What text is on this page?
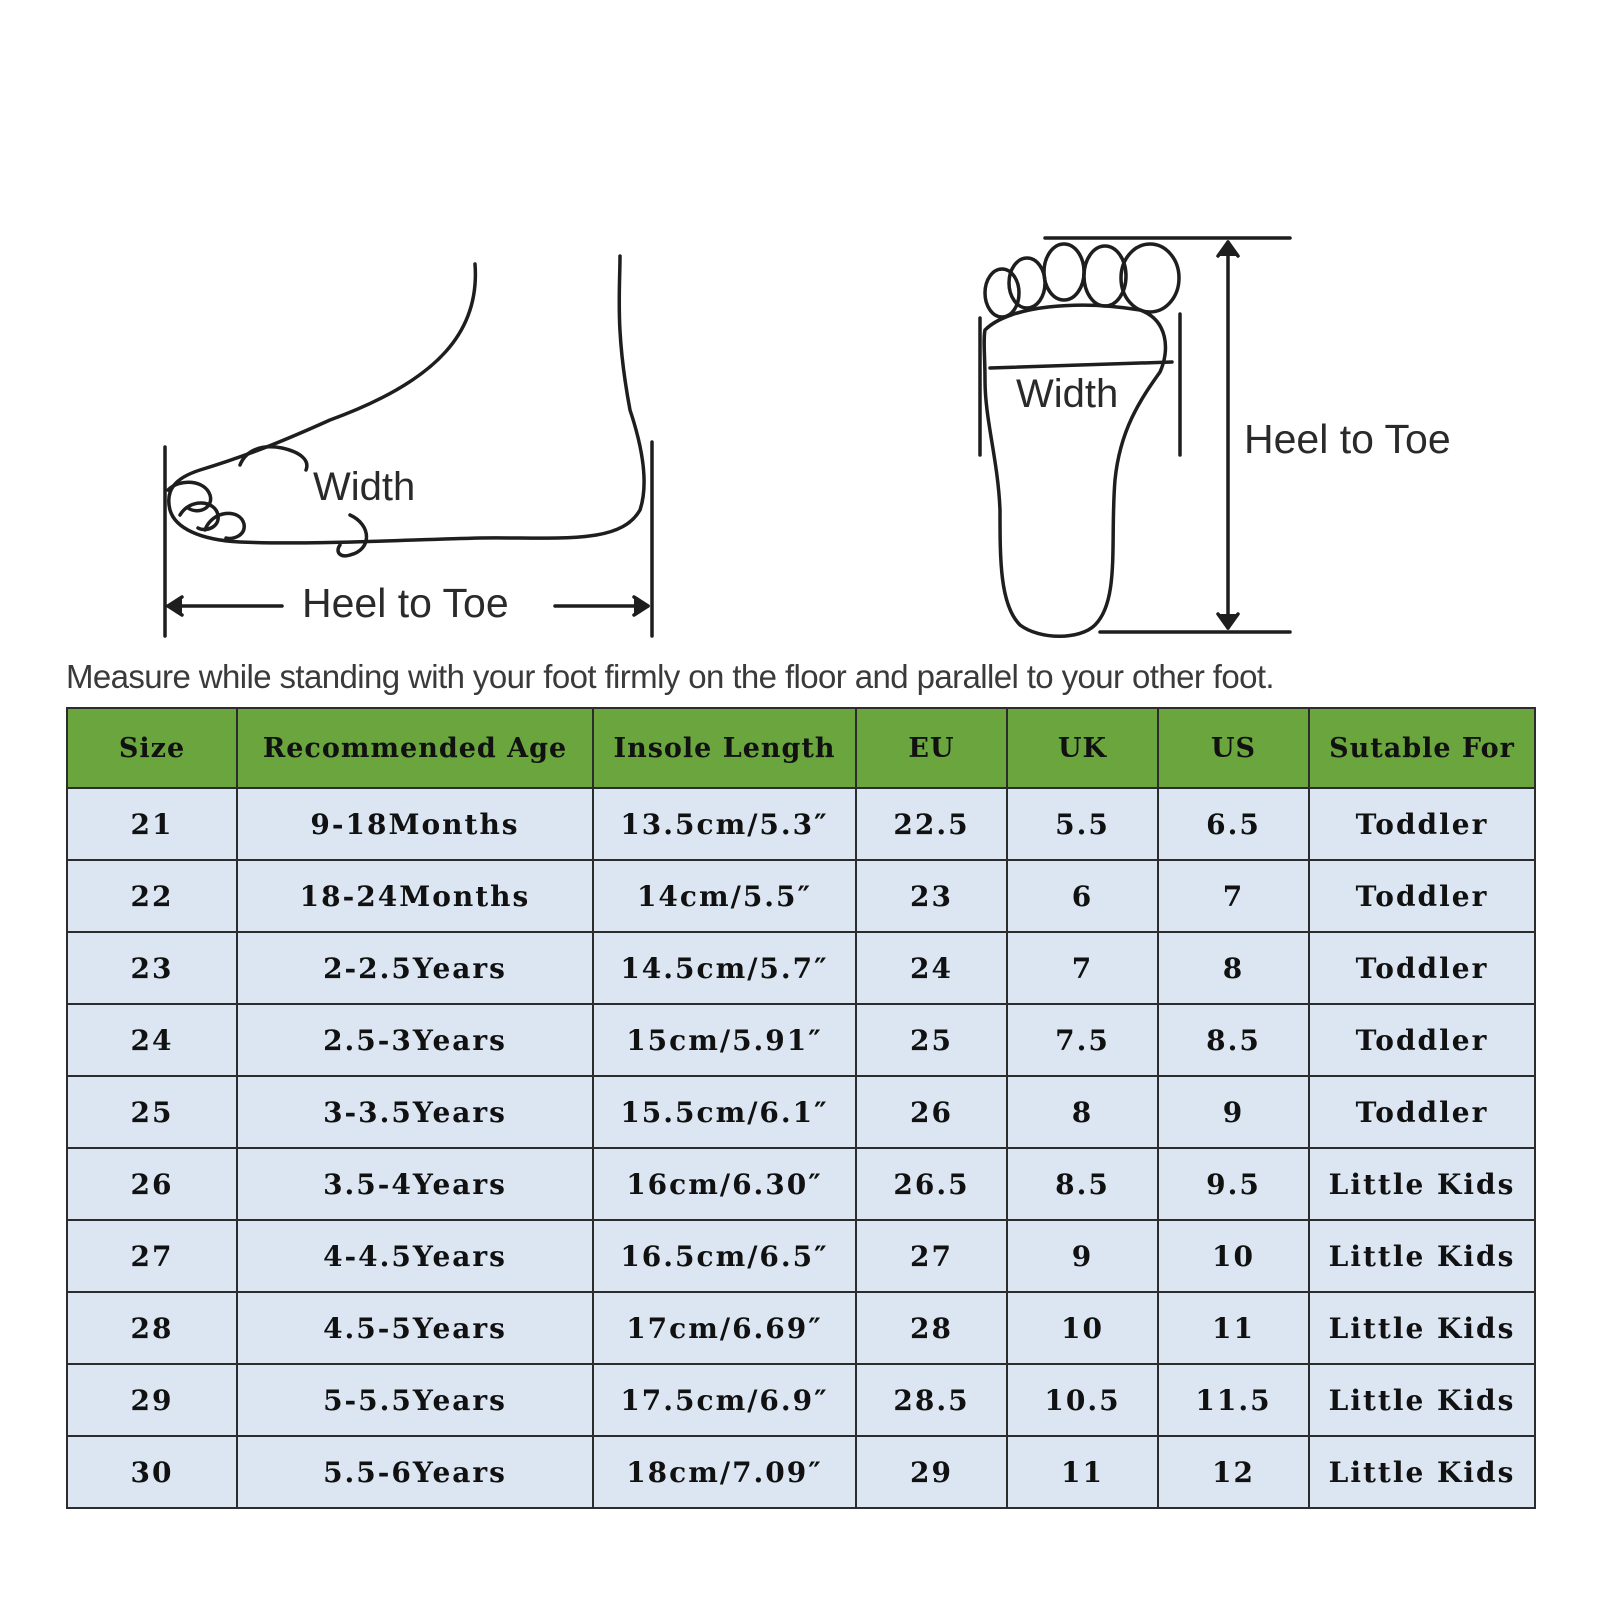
Width
Heel to Toe
Width
Heel to Toe
Measure while standing with your foot firmly on the floor and parallel to your other foot.
Size	Recommended Age	Insole Length	EU	UK	US	Sutable For
21	9-18Months	13.5cm/5.3″	22.5	5.5	6.5	Toddler
22	18-24Months	14cm/5.5″	23	6	7	Toddler
23	2-2.5Years	14.5cm/5.7″	24	7	8	Toddler
24	2.5-3Years	15cm/5.91″	25	7.5	8.5	Toddler
25	3-3.5Years	15.5cm/6.1″	26	8	9	Toddler
26	3.5-4Years	16cm/6.30″	26.5	8.5	9.5	Little Kids
27	4-4.5Years	16.5cm/6.5″	27	9	10	Little Kids
28	4.5-5Years	17cm/6.69″	28	10	11	Little Kids
29	5-5.5Years	17.5cm/6.9″	28.5	10.5	11.5	Little Kids
30	5.5-6Years	18cm/7.09″	29	11	12	Little Kids
